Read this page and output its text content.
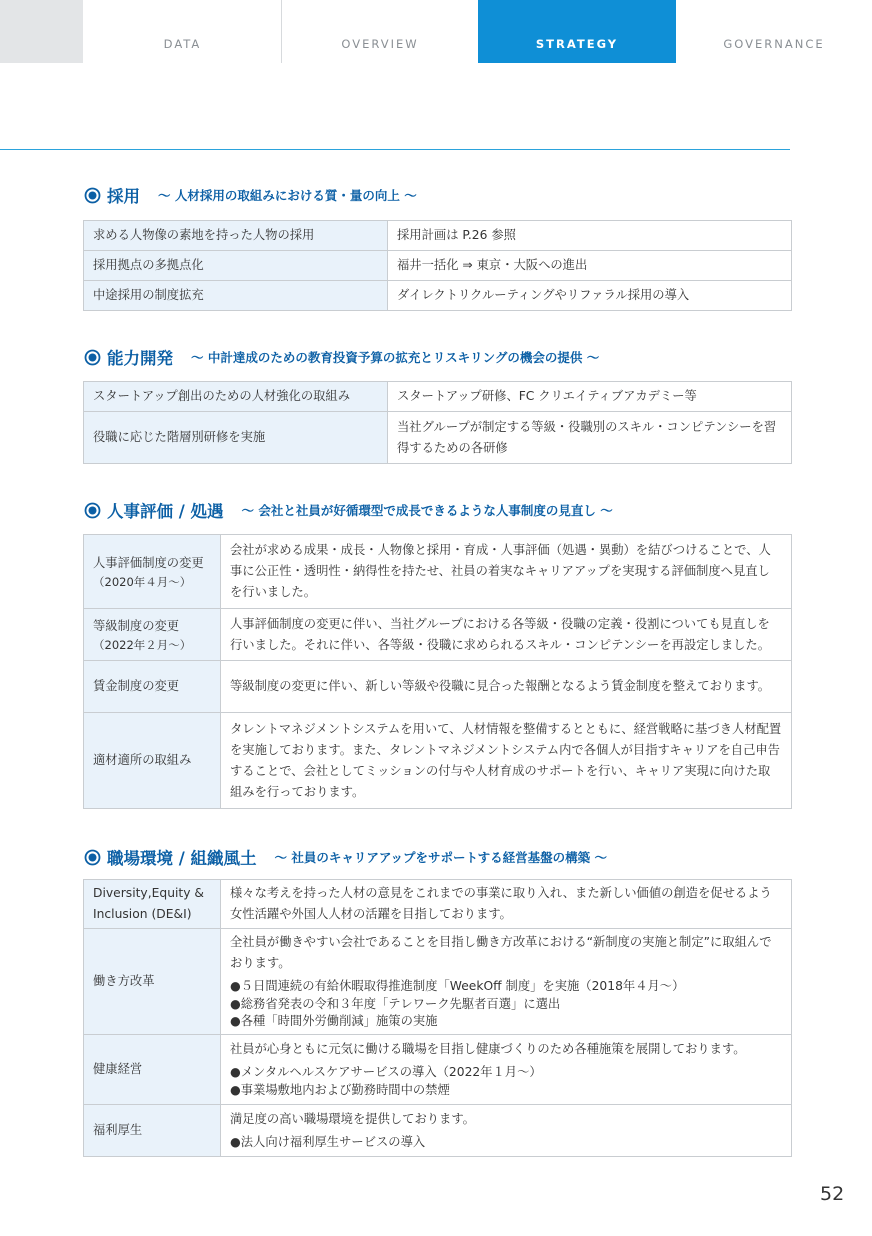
DATA	OVERVIEW	STRATEGY	GOVERNANCE
採用 〜 人材採用の取組みにおける質・量の向上 〜
求める人物像の素地を持った人物の採用	採用計画は P.26 参照
採用拠点の多拠点化	福井一括化 ⇒ 東京・大阪への進出
中途採用の制度拡充	ダイレクトリクルーティングやリファラル採用の導入
能力開発 〜 中計達成のための教育投資予算の拡充とリスキリングの機会の提供 〜
スタートアップ創出のための人材強化の取組み	スタートアップ研修、FC クリエイティブアカデミー等
役職に応じた階層別研修を実施	当社グループが制定する等級・役職別のスキル・コンピテンシーを習得するための各研修
人事評価 / 処遇 〜 会社と社員が好循環型で成長できるような人事制度の見直し 〜
人事評価制度の変更
（2020年４月〜）	会社が求める成果・成長・人物像と採用・育成・人事評価（処遇・異動）を結びつけることで、人事に公正性・透明性・納得性を持たせ、社員の着実なキャリアアップを実現する評価制度へ見直しを行いました。
等級制度の変更
（2022年２月〜）	人事評価制度の変更に伴い、当社グループにおける各等級・役職の定義・役割についても見直しを行いました。それに伴い、各等級・役職に求められるスキル・コンピテンシーを再設定しました。
賃金制度の変更	等級制度の変更に伴い、新しい等級や役職に見合った報酬となるよう賃金制度を整えております。
適材適所の取組み	タレントマネジメントシステムを用いて、人材情報を整備するとともに、経営戦略に基づき人材配置を実施しております。また、タレントマネジメントシステム内で各個人が目指すキャリアを自己申告することで、会社としてミッションの付与や人材育成のサポートを行い、キャリア実現に向けた取組みを行っております。
職場環境 / 組織風土 〜 社員のキャリアアップをサポートする経営基盤の構築 〜
Diversity,Equity & Inclusion (DE&I)	様々な考えを持った人材の意見をこれまでの事業に取り入れ、また新しい価値の創造を促せるよう女性活躍や外国人人材の活躍を目指しております。
働き方改革	全社員が働きやすい会社であることを目指し働き方改革における“新制度の実施と制定”に取組んでおります。
●５日間連続の有給休暇取得推進制度「WeekOff 制度」を実施（2018年４月〜）
●総務省発表の令和３年度「テレワーク先駆者百選」に選出
●各種「時間外労働削減」施策の実施

健康経営	社員が心身ともに元気に働ける職場を目指し健康づくりのため各種施策を展開しております。
●メンタルヘルスケアサービスの導入（2022年１月〜）
●事業場敷地内および勤務時間中の禁煙

福利厚生	満足度の高い職場環境を提供しております。
●法人向け福利厚生サービスの導入
52
